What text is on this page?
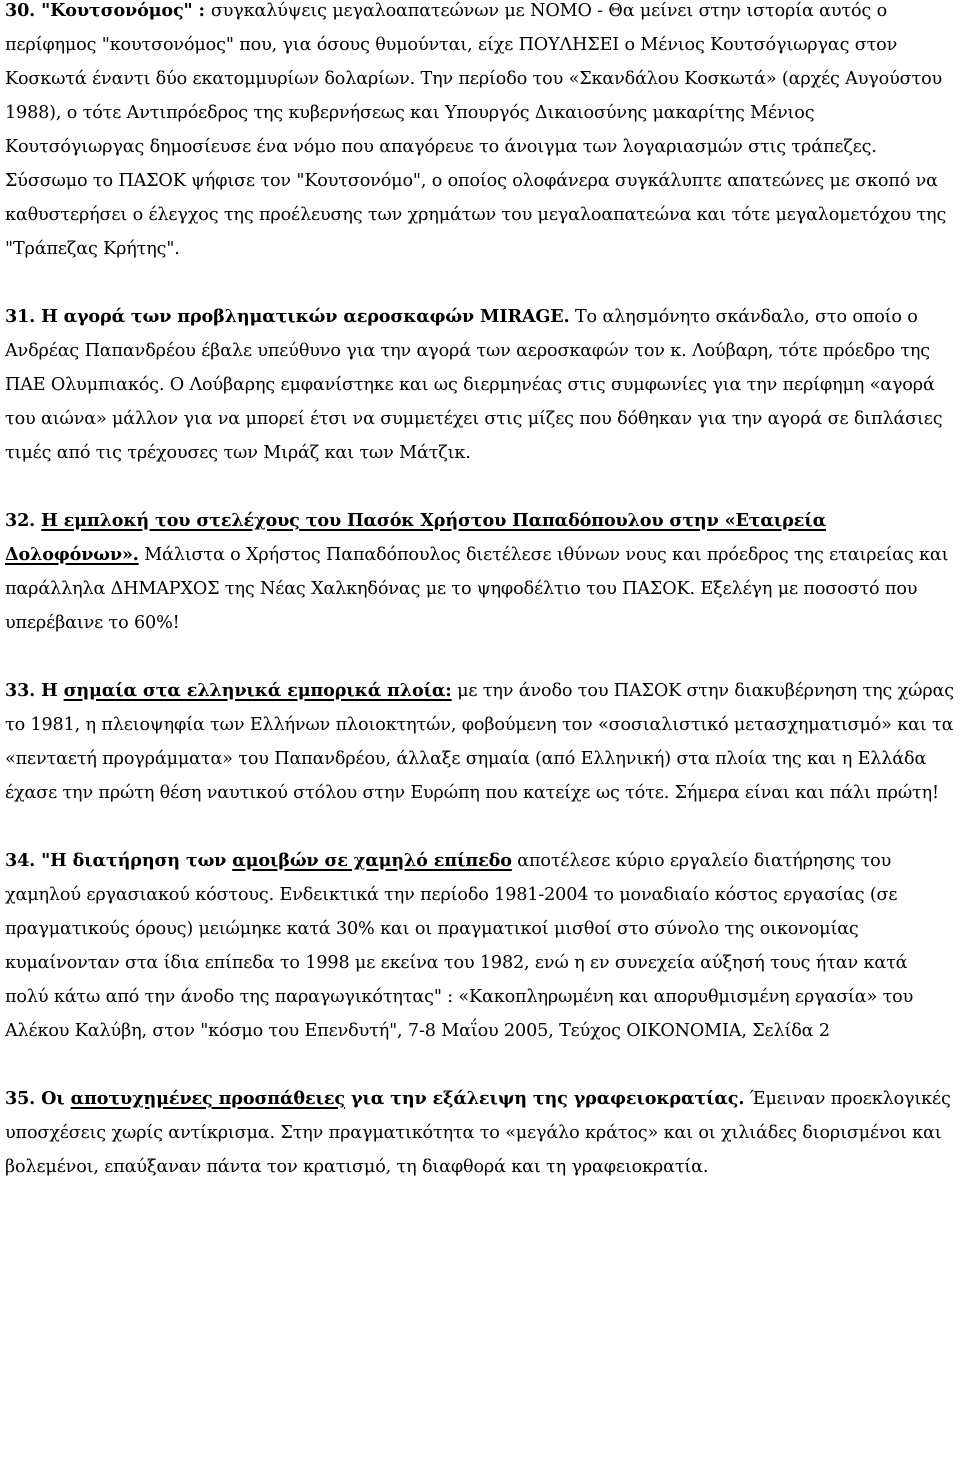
30. "Κουτσονόμος" : συγκαλύψεις μεγαλοαπατεώνων με ΝΟΜΟ - Θα μείνει στην ιστορία αυτός ο περίφημος "κουτσονόμος" που, για όσους θυμούνται, είχε ΠΟΥΛΗΣΕΙ ο Μένιος Κουτσόγιωργας στον Κοσκωτά έναντι δύο εκατομμυρίων δολαρίων. Την περίοδο του «Σκανδάλου Κοσκωτά» (αρχές Αυγούστου 1988), ο τότε Αντιπρόεδρος της κυβερνήσεως και Υπουργός Δικαιοσύνης μακαρίτης Μένιος Κουτσόγιωργας δημοσίευσε ένα νόμο που απαγόρευε το άνοιγμα των λογαριασμών στις τράπεζες. Σύσσωμο το ΠΑΣΟΚ ψήφισε τον "Κουτσονόμο", ο οποίος ολοφάνερα συγκάλυπτε απατεώνες με σκοπό να καθυστερήσει ο έλεγχος της προέλευσης των χρημάτων του μεγαλοαπατεώνα και τότε μεγαλομετόχου της "Τράπεζας Κρήτης".

31. Η αγορά των προβληματικών αεροσκαφών MIRAGE. Το αλησμόνητο σκάνδαλο, στο οποίο ο Ανδρέας Παπανδρέου έβαλε υπεύθυνο για την αγορά των αεροσκαφών τον κ. Λούβαρη, τότε πρόεδρο της ΠΑΕ Ολυμπιακός. Ο Λούβαρης εμφανίστηκε και ως διερμηνέας στις συμφωνίες για την περίφημη «αγορά του αιώνα» μάλλον για να μπορεί έτσι να συμμετέχει στις μίζες που δόθηκαν για την αγορά σε διπλάσιες τιμές από τις τρέχουσες των Μιράζ και των Μάτζικ.

32. Η εμπλοκή του στελέχους του Πασόκ Χρήστου Παπαδόπουλου στην «Εταιρεία Δολοφόνων». Μάλιστα ο Χρήστος Παπαδόπουλος διετέλεσε ιθύνων νους και πρόεδρος της εταιρείας και παράλληλα ΔΗΜΑΡΧΟΣ της Νέας Χαλκηδόνας με το ψηφοδέλτιο του ΠΑΣΟΚ. Εξελέγη με ποσοστό που υπερέβαινε το 60%!

33. Η σημαία στα ελληνικά εμπορικά πλοία: με την άνοδο του ΠΑΣΟΚ στην διακυβέρνηση της χώρας το 1981, η πλειοψηφία των Ελλήνων πλοιοκτητών, φοβούμενη τον «σοσιαλιστικό μετασχηματισμό» και τα «πενταετή προγράμματα» του Παπανδρέου, άλλαξε σημαία (από Ελληνική) στα πλοία της και η Ελλάδα έχασε την πρώτη θέση ναυτικού στόλου στην Ευρώπη που κατείχε ως τότε. Σήμερα είναι και πάλι πρώτη!

34. "Η διατήρηση των αμοιβών σε χαμηλό επίπεδο αποτέλεσε κύριο εργαλείο διατήρησης του χαμηλού εργασιακού κόστους. Ενδεικτικά την περίοδο 1981-2004 το μοναδιαίο κόστος εργασίας (σε πραγματικούς όρους) μειώμηκε κατά 30% και οι πραγματικοί μισθοί στο σύνολο της οικονομίας κυμαίνονταν στα ίδια επίπεδα το 1998 με εκείνα του 1982, ενώ η εν συνεχεία αύξησή τους ήταν κατά πολύ κάτω από την άνοδο της παραγωγικότητας" : «Κακοπληρωμένη και απορυθμισμένη εργασία» του Αλέκου Καλύβη, στον "κόσμο του Επενδυτή", 7-8 Μαΐου 2005, Τεύχος ΟΙΚΟΝΟΜΙΑ, Σελίδα 2

35. Οι αποτυχημένες προσπάθειες για την εξάλειψη της γραφειοκρατίας. Έμειναν προεκλογικές υποσχέσεις χωρίς αντίκρισμα. Στην πραγματικότητα το «μεγάλο κράτος» και οι χιλιάδες διορισμένοι και βολεμένοι, επαύξαναν πάντα τον κρατισμό, τη διαφθορά και τη γραφειοκρατία.
